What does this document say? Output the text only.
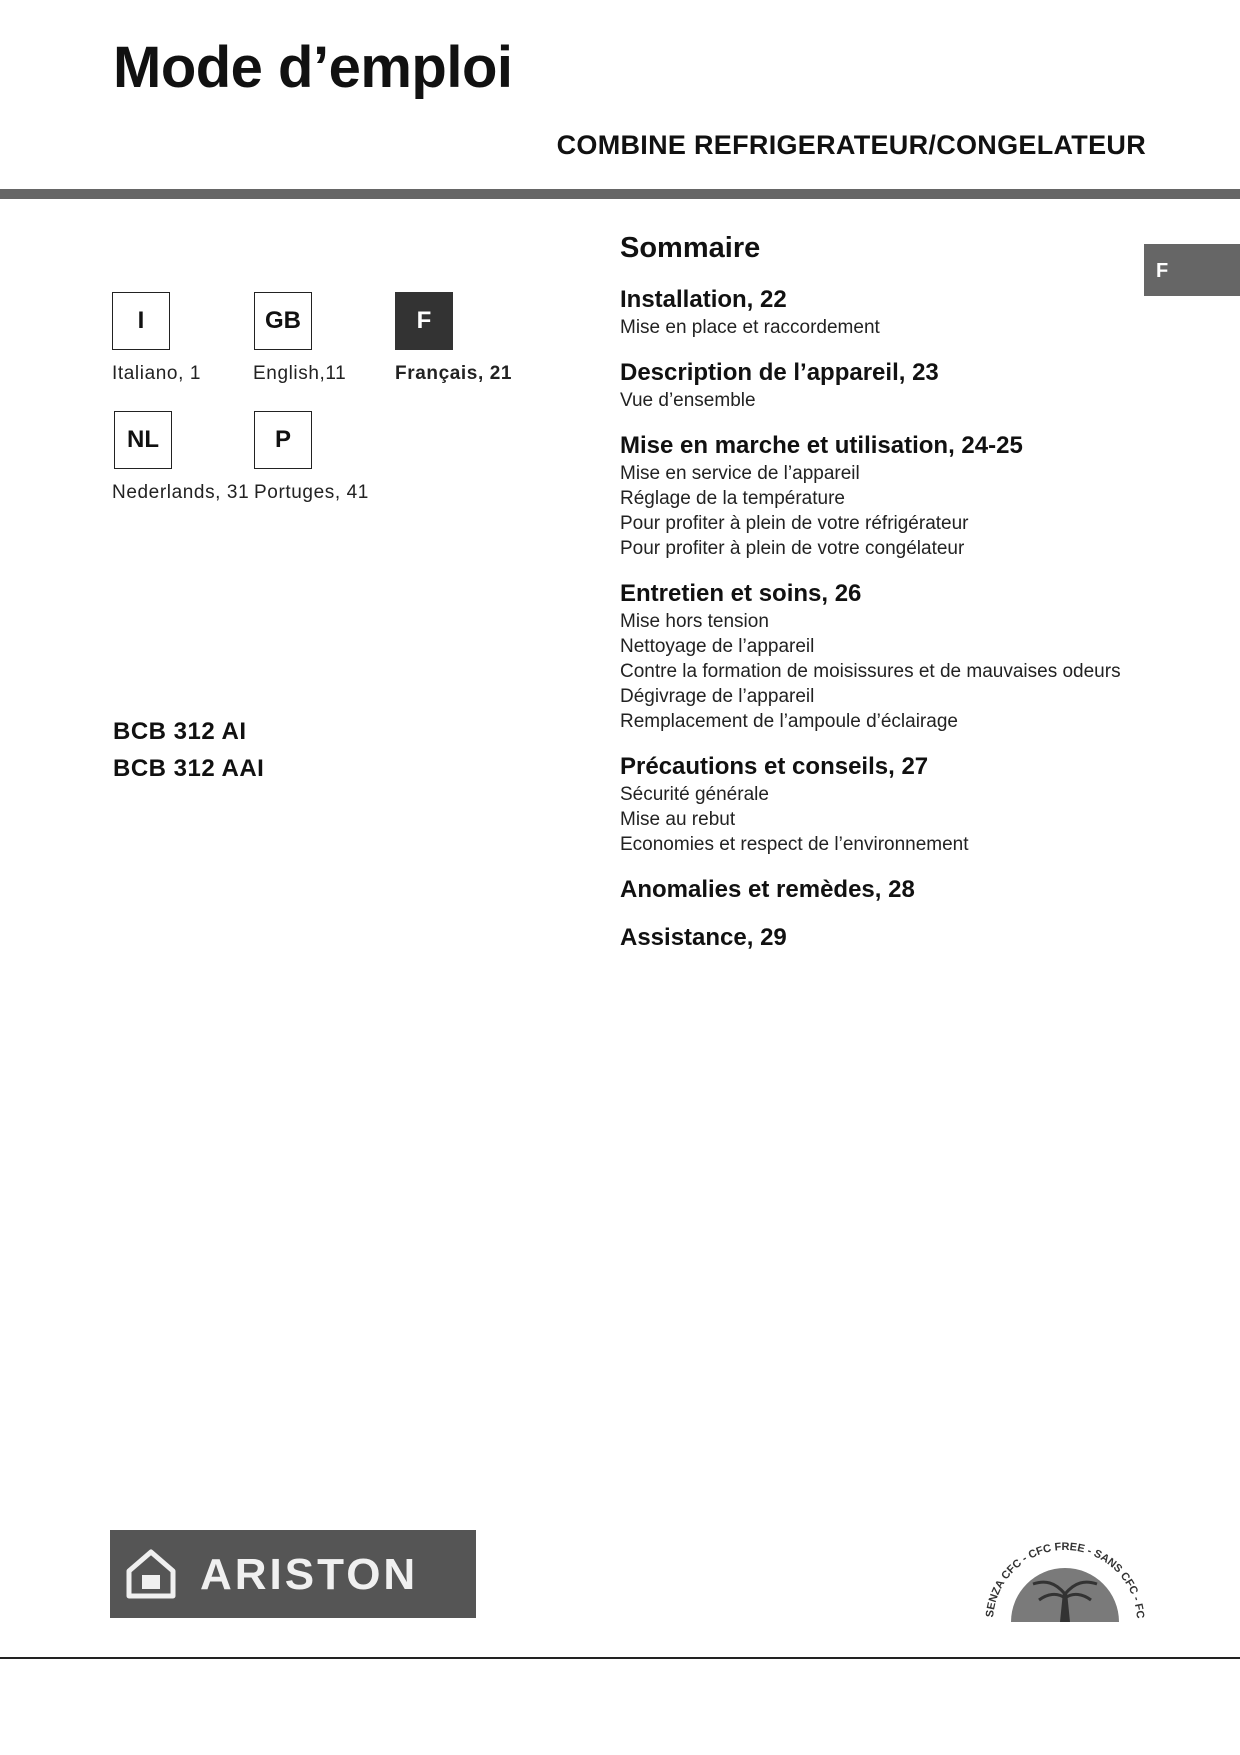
Mode d’emploi
COMBINE REFRIGERATEUR/CONGELATEUR
F
I
Italiano, 1
GB
English,11
F
Français, 21
NL
Nederlands, 31
P
Portuges, 41
BCB 312 AI
BCB 312 AAI
Sommaire
Installation, 22
Mise en place et raccordement
Description de l’appareil, 23
Vue d’ensemble
Mise en marche et utilisation, 24-25
Mise en service de l’appareil
Réglage de la température
Pour profiter à plein de votre réfrigérateur
Pour profiter à plein de votre congélateur
Entretien et soins, 26
Mise hors tension
Nettoyage de l’appareil
Contre la formation de moisissures et de mauvaises odeurs
Dégivrage de l’appareil
Remplacement de l’ampoule d’éclairage
Précautions et conseils, 27
Sécurité générale
Mise au rebut
Economies et respect de l’environnement
Anomalies et remèdes, 28
Assistance, 29
ARISTON
SENZA CFC - CFC FREE - SANS CFC - FC
